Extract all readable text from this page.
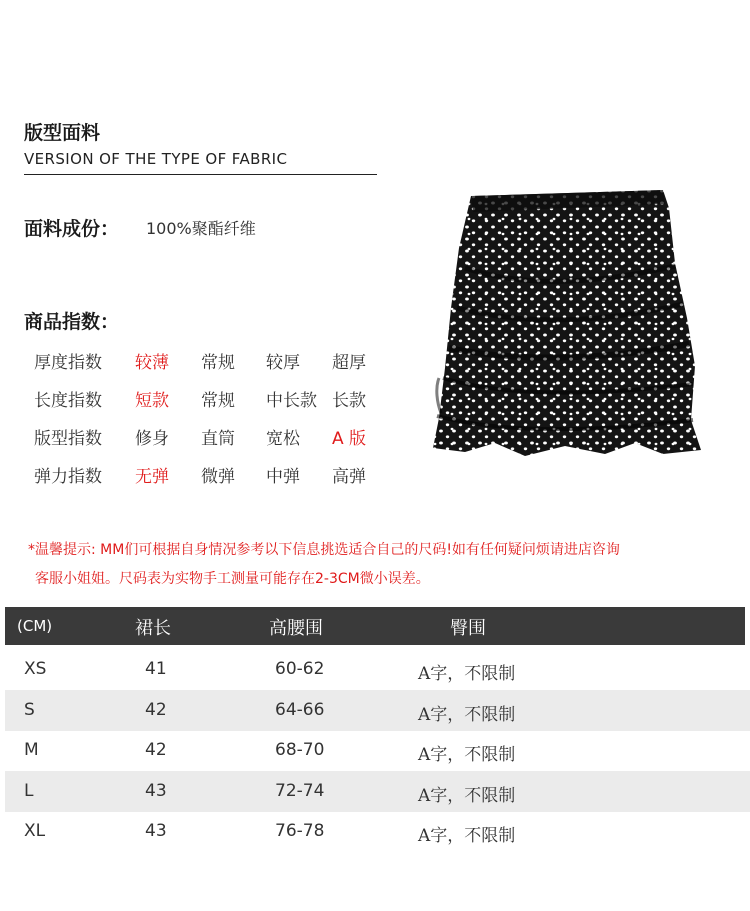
版型面料
VERSION OF THE TYPE OF FABRIC
面料成份： 100%聚酯纤维
商品指数：
厚度指数 较薄 常规 较厚 超厚
长度指数 短款 常规 中长款 长款
版型指数 修身 直筒 宽松 A 版
弹力指数 无弹 微弹 中弹 高弹
*温馨提示: MM们可根据自身情况参考以下信息挑选适合自己的尺码!如有任何疑问烦请进店咨询
客服小姐姐。尺码表为实物手工测量可能存在2-3CM微小误差。
(CM)	裙长	高腰围	臀围
XS	41	60-62	A字，不限制
S	42	64-66	A字，不限制
M	42	68-70	A字，不限制
L	43	72-74	A字，不限制
XL	43	76-78	A字，不限制
